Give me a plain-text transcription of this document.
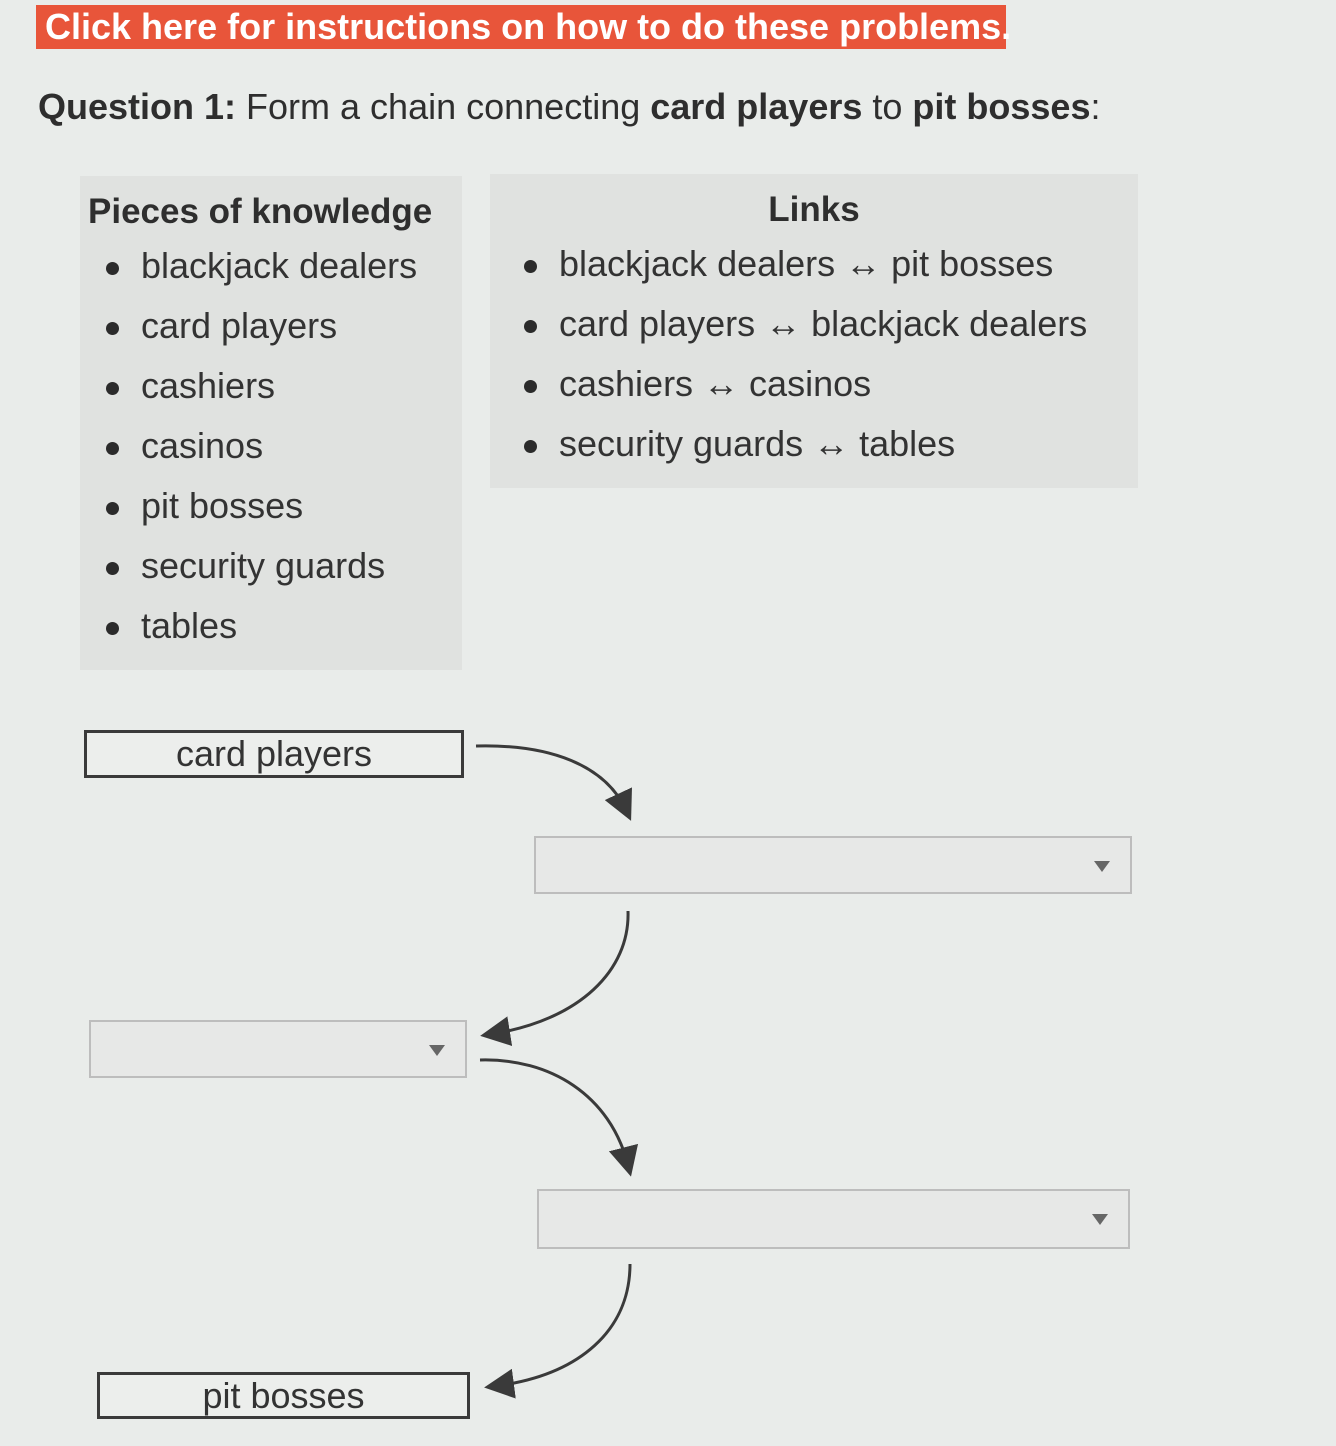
Click here for instructions on how to do these problems.
Question 1: Form a chain connecting card players to pit bosses:
Pieces of knowledge
blackjack dealers
card players
cashiers
casinos
pit bosses
security guards
tables
Links
blackjack dealers ↔ pit bosses
card players ↔ blackjack dealers
cashiers ↔ casinos
security guards ↔ tables
card players
pit bosses
